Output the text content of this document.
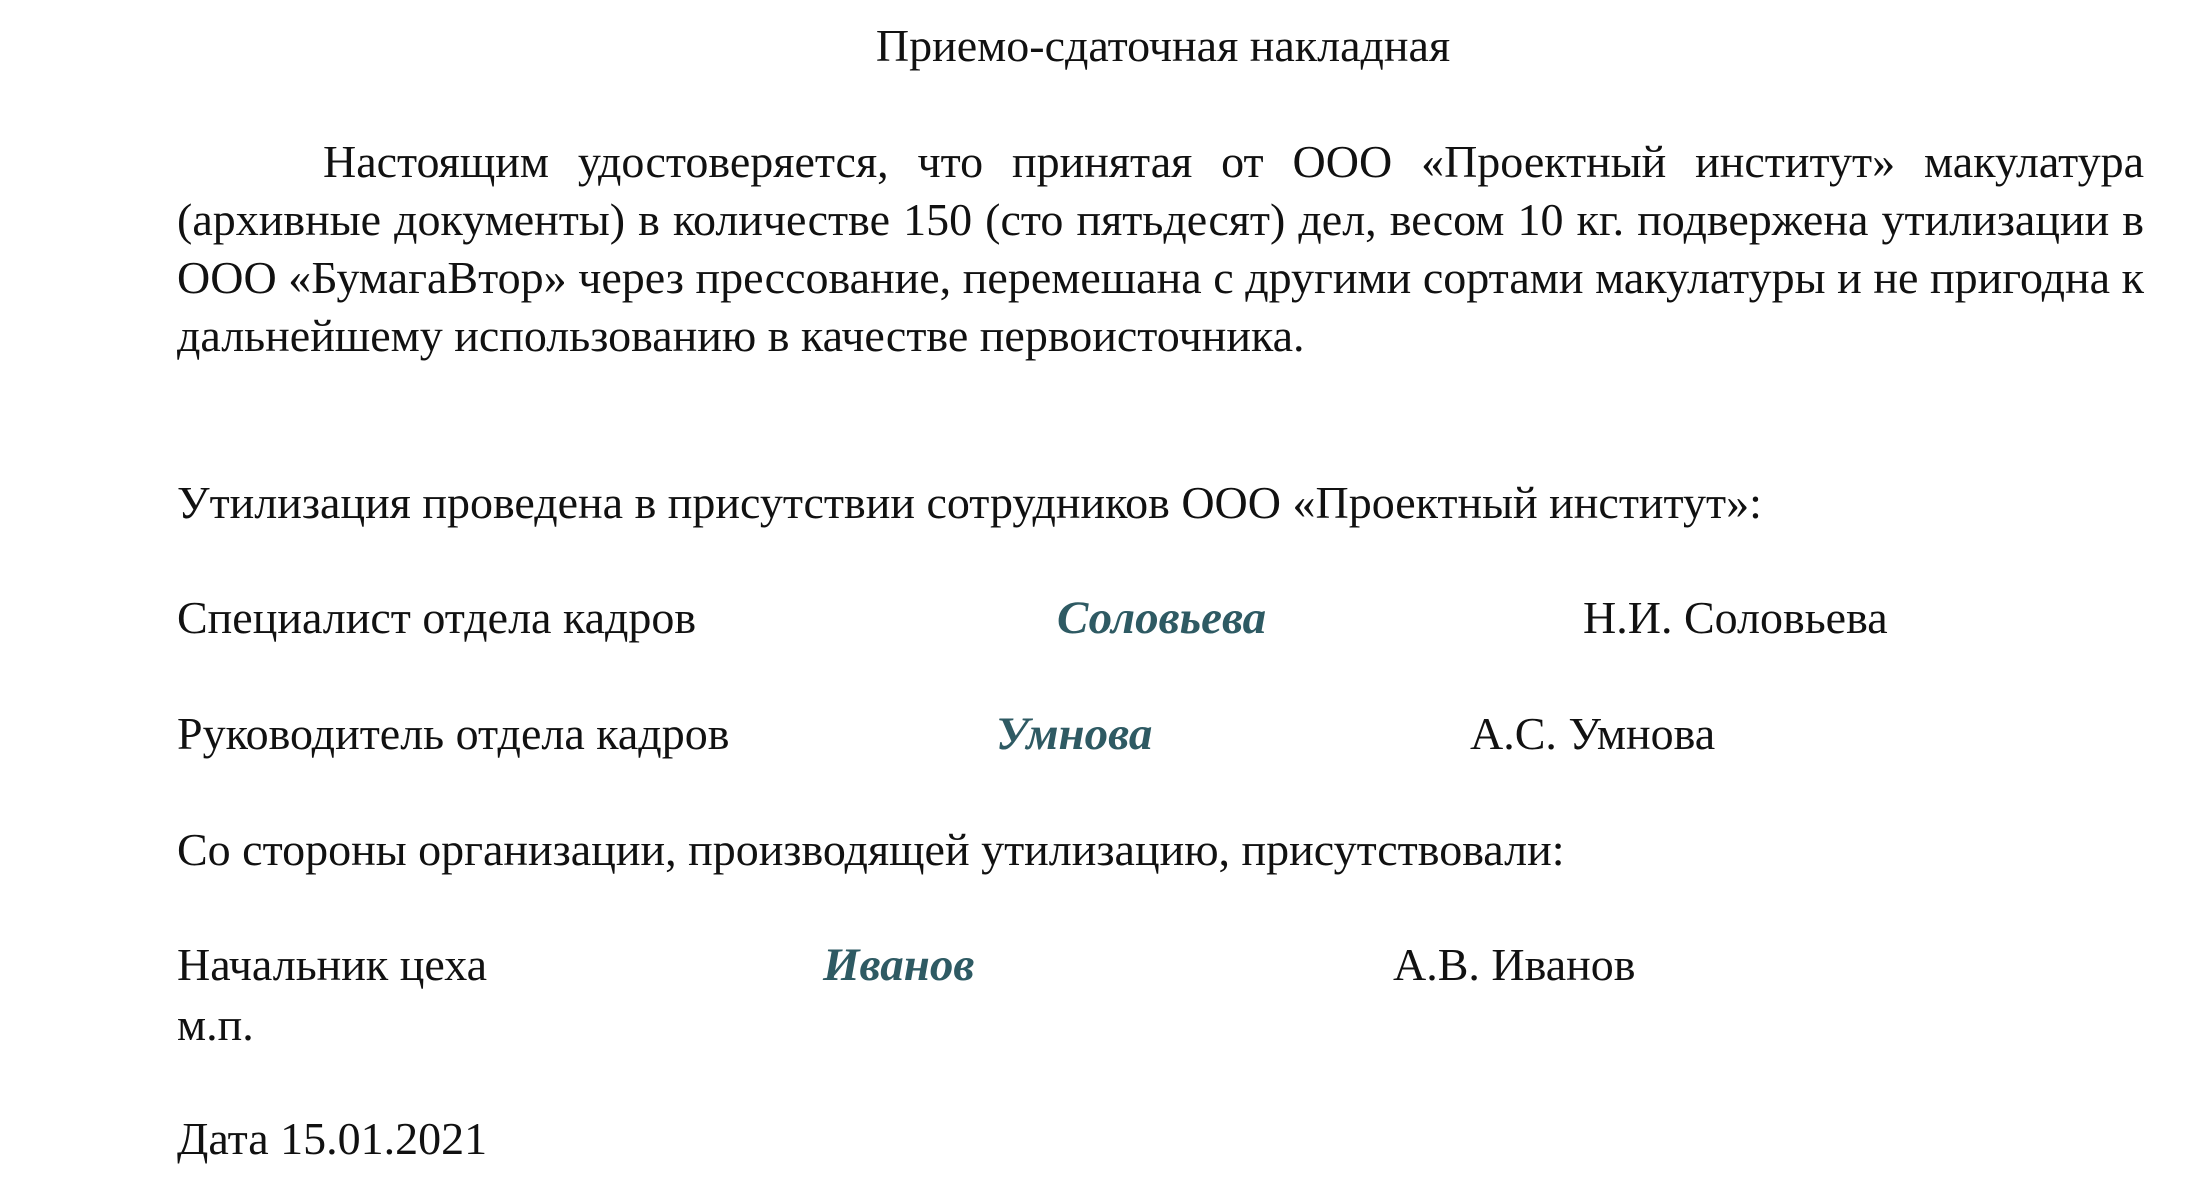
Приемо-сдаточная накладная
Настоящим удостоверяется, что принятая от ООО «Проектный институт» макулатура (архивные документы) в количестве 150 (сто пятьдесят) дел, весом 10 кг. подвержена утилизации в ООО «БумагаВтор» через прессование, перемешана с другими сортами макулатуры и не пригодна к дальнейшему использованию в качестве первоисточника.
Утилизация проведена в присутствии сотрудников ООО «Проектный институт»:
Специалист отдела кадров	Соловьева	Н.И. Соловьева
Руководитель отдела кадров	Умнова	А.С. Умнова
Со стороны организации, производящей утилизацию, присутствовали:
Начальник цеха	Иванов	А.В. Иванов
м.п.
Дата 15.01.2021
